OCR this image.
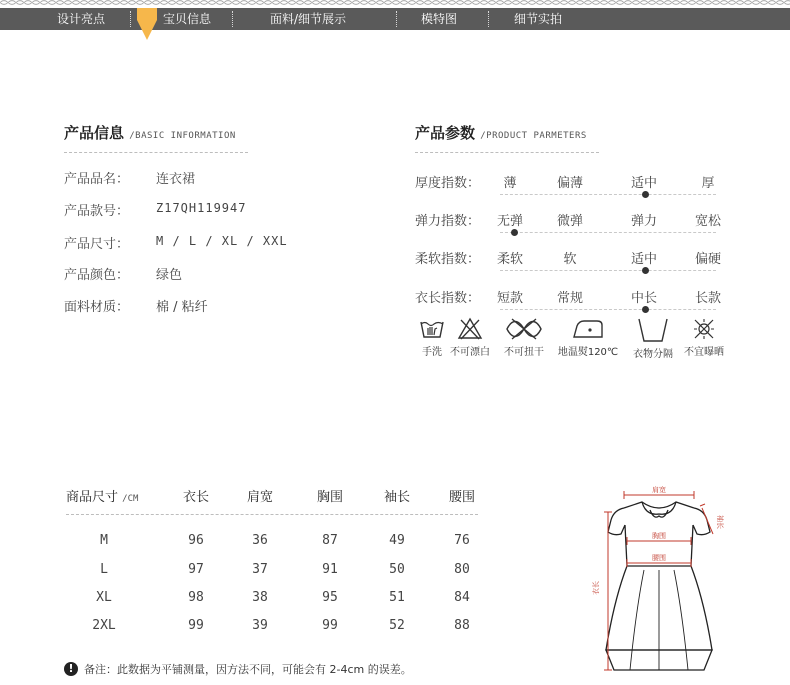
设计亮点	宝贝信息	面料/细节展示	模特图	细节实拍
产品信息 /BASIC INFORMATION
产品品名： 连衣裙
产品款号： Z17QH119947
产品尺寸： M / L / XL / XXL
产品颜色： 绿色
面料材质： 棉 / 粘纤
产品参数 /PRODUCT PARMETERS
厚度指数：	薄	偏薄	适中	厚
弹力指数：	无弹	微弹	弹力	宽松
柔软指数：	柔软	软	适中	偏硬
衣长指数：	短款	常规	中长	长款
手洗 不可漂白	不可扭干	地温熨120℃	衣物分隔	不宜曝晒
商品尺寸 /CM	衣长	肩宽	胸围	袖长	腰围
M	96	36	87	49	76
L	97	37	91	50	80
XL	98	38	95	51	84
2XL	99	39	99	52	88
肩宽
胸围
腰围
衣长
袖长
! 备注：此数据为平铺测量，因方法不同，可能会有 2-4cm 的误差。
